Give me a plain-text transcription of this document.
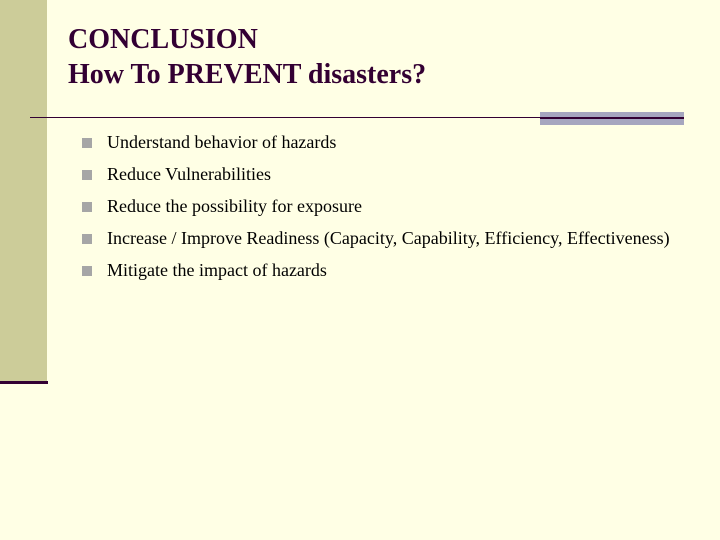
CONCLUSION
How To PREVENT disasters?
Understand behavior of hazards
Reduce Vulnerabilities
Reduce the possibility for exposure
Increase / Improve Readiness (Capacity, Capability, Efficiency, Effectiveness)
Mitigate the impact of hazards
